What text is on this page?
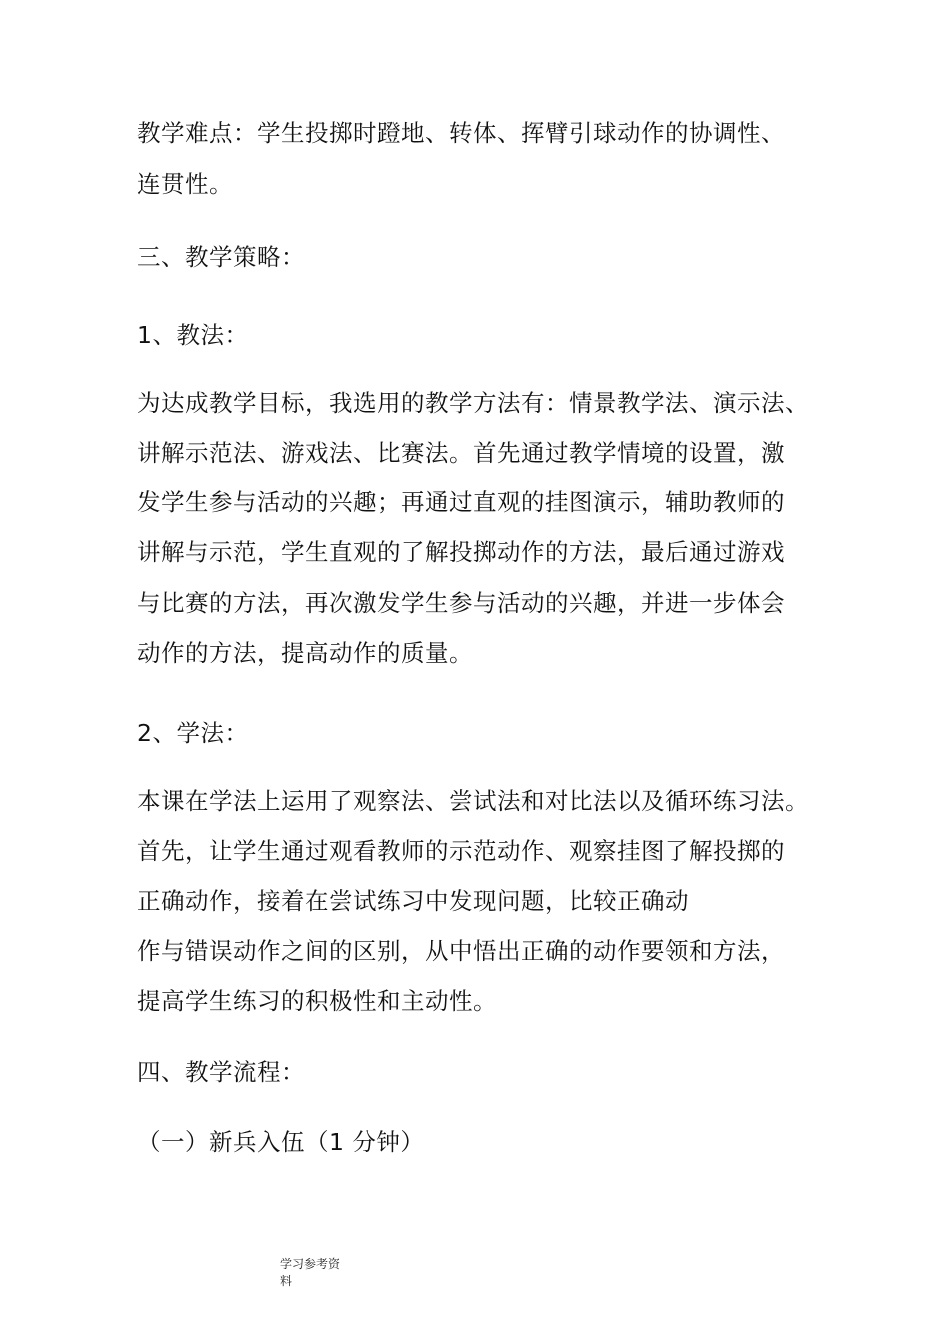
教学难点：学生投掷时蹬地、转体、挥臂引球动作的协调性、
连贯性。
三、教学策略：
1、教法：
为达成教学目标，我选用的教学方法有：情景教学法、演示法、
讲解示范法、游戏法、比赛法。首先通过教学情境的设置，激
发学生参与活动的兴趣；再通过直观的挂图演示，辅助教师的
讲解与示范，学生直观的了解投掷动作的方法，最后通过游戏
与比赛的方法，再次激发学生参与活动的兴趣，并进一步体会
动作的方法，提高动作的质量。
2、学法：
本课在学法上运用了观察法、尝试法和对比法以及循环练习法。
首先，让学生通过观看教师的示范动作、观察挂图了解投掷的
正确动作，接着在尝试练习中发现问题，比较正确动
作与错误动作之间的区别，从中悟出正确的动作要领和方法，
提高学生练习的积极性和主动性。
四、教学流程：
（一）新兵入伍（1 分钟）
学习参考资
料
